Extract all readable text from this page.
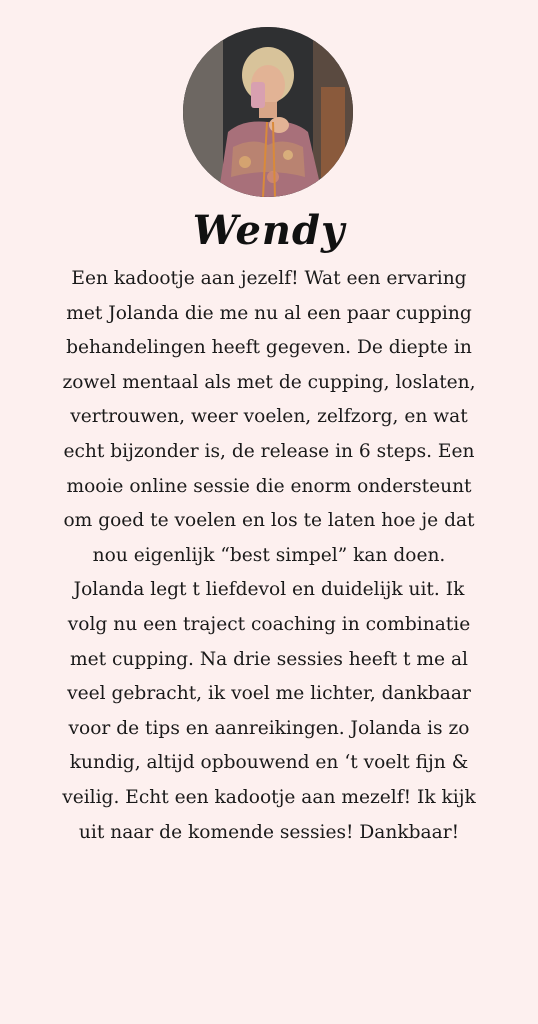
Wendy

Een kadootje aan jezelf! Wat een ervaring
met Jolanda die me nu al een paar cupping
behandelingen heeft gegeven. De diepte in
zowel mentaal als met de cupping, loslaten,
vertrouwen, weer voelen, zelfzorg, en wat
echt bijzonder is, de release in 6 steps. Een
mooie online sessie die enorm ondersteunt
om goed te voelen en los te laten hoe je dat
nou eigenlijk “best simpel” kan doen.
Jolanda legt t liefdevol en duidelijk uit. Ik
volg nu een traject coaching in combinatie
met cupping. Na drie sessies heeft t me al
veel gebracht, ik voel me lichter, dankbaar
voor de tips en aanreikingen. Jolanda is zo
kundig, altijd opbouwend en ‘t voelt fijn &
veilig. Echt een kadootje aan mezelf! Ik kijk
uit naar de komende sessies! Dankbaar!
